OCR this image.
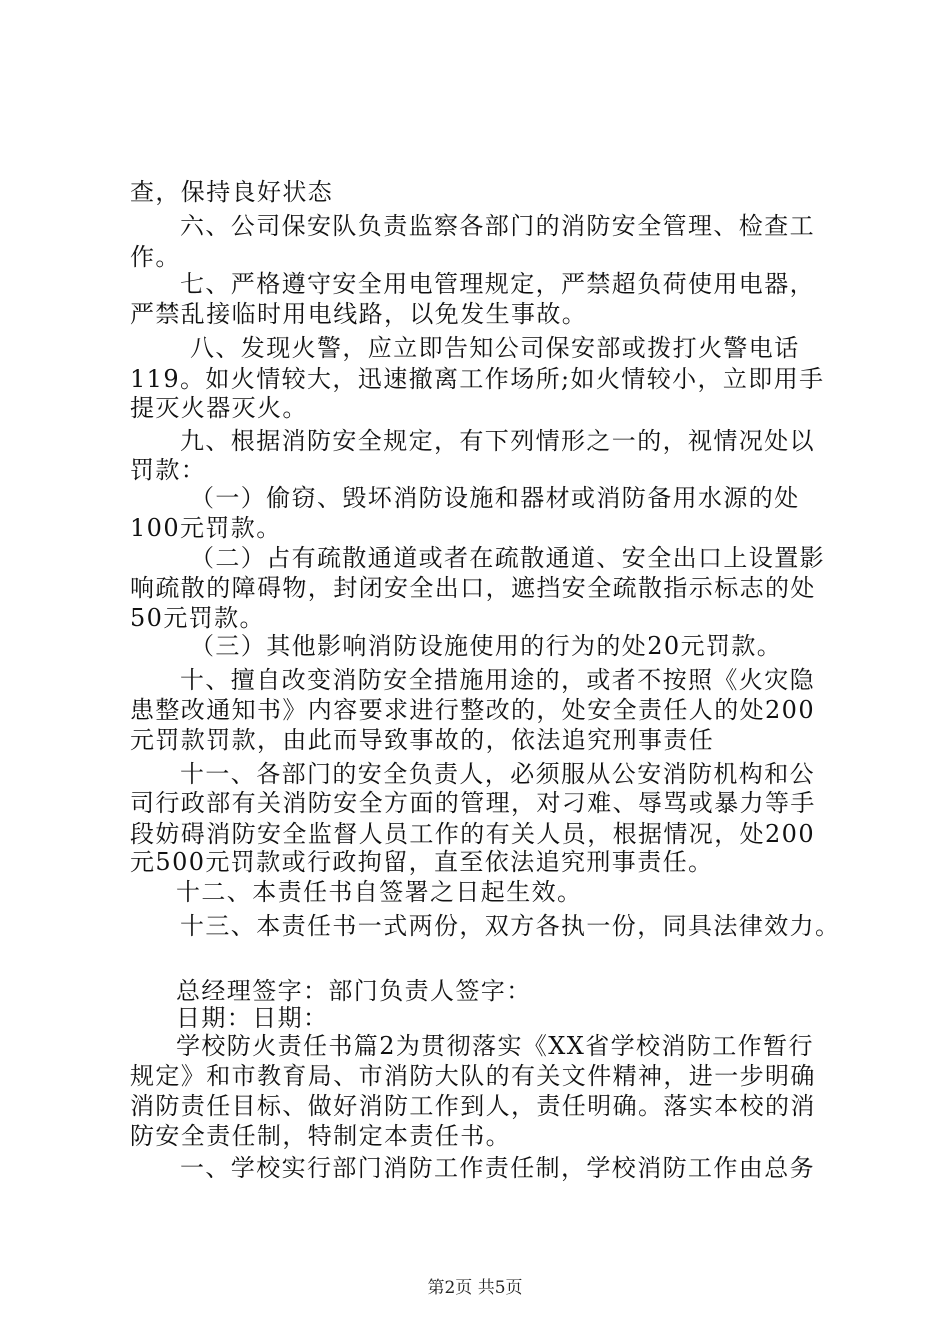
查，保持良好状态
六、公司保安队负责监察各部门的消防安全管理、检查工
作。
七、严格遵守安全用电管理规定，严禁超负荷使用电器，
严禁乱接临时用电线路，以免发生事故。
八、发现火警，应立即告知公司保安部或拨打火警电话
119。如火情较大，迅速撤离工作场所;如火情较小，立即用手
提灭火器灭火。
九、根据消防安全规定，有下列情形之一的，视情况处以
罚款：
（一）偷窃、毁坏消防设施和器材或消防备用水源的处
100元罚款。
（二）占有疏散通道或者在疏散通道、安全出口上设置影
响疏散的障碍物，封闭安全出口，遮挡安全疏散指示标志的处
50元罚款。
（三）其他影响消防设施使用的行为的处20元罚款。
十、擅自改变消防安全措施用途的，或者不按照《火灾隐
患整改通知书》内容要求进行整改的，处安全责任人的处200
元罚款罚款，由此而导致事故的，依法追究刑事责任
十一、各部门的安全负责人，必须服从公安消防机构和公
司行政部有关消防安全方面的管理，对刁难、辱骂或暴力等手
段妨碍消防安全监督人员工作的有关人员，根据情况，处200
元500元罚款或行政拘留，直至依法追究刑事责任。
十二、本责任书自签署之日起生效。
十三、本责任书一式两份，双方各执一份，同具法律效力。
总经理签字：部门负责人签字：
日期：日期：
学校防火责任书篇2为贯彻落实《XX省学校消防工作暂行
规定》和市教育局、市消防大队的有关文件精神，进一步明确
消防责任目标、做好消防工作到人，责任明确。落实本校的消
防安全责任制，特制定本责任书。
一、学校实行部门消防工作责任制，学校消防工作由总务
第2页 共5页
